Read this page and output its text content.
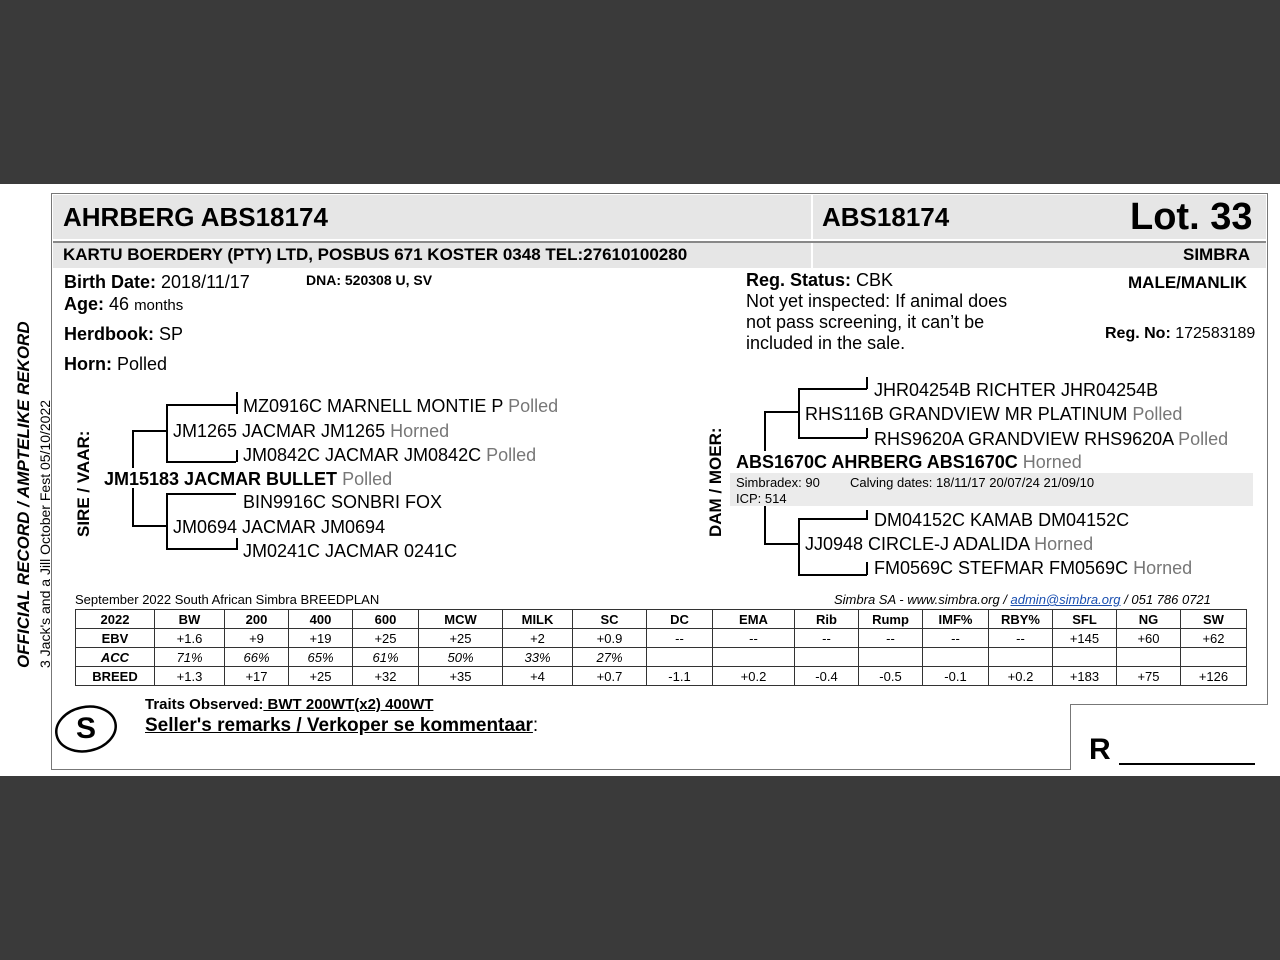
AHRBERG ABS18174	ABS18174	Lot. 33
KARTU BOERDERY (PTY) LTD, POSBUS 671 KOSTER 0348 TEL:27610100280	SIMBRA
OFFICIAL RECORD / AMPTELIKE REKORD 3 Jack's and a Jill October Fest 05/10/2022
Birth Date: 2018/11/17	DNA: 520308 U, SV
Age: 46 months
Herdbook: SP
Horn: Polled
Reg. Status: CBK
Not yet inspected: If animal does
not pass screening, it can’t be
included in the sale.
MALE/MANLIK
Reg. No: 172583189
SIRE / VAAR:
MZ0916C MARNELL MONTIE P Polled
JM1265 JACMAR JM1265 Horned
JM0842C JACMAR JM0842C Polled
JM15183 JACMAR BULLET Polled
BIN9916C SONBRI FOX
JM0694 JACMAR JM0694
JM0241C JACMAR 0241C
DAM / MOER:
JHR04254B RICHTER JHR04254B
RHS116B GRANDVIEW MR PLATINUM Polled
RHS9620A GRANDVIEW RHS9620A Polled
ABS1670C AHRBERG ABS1670C Horned
Simbradex: 90 Calving dates: 18/11/17 20/07/24 21/09/10
ICP: 514
DM04152C KAMAB DM04152C
JJ0948 CIRCLE-J ADALIDA Horned
FM0569C STEFMAR FM0569C Horned
September 2022 South African Simbra BREEDPLAN	Simbra SA - www.simbra.org / admin@simbra.org / 051 786 0721
2022	BW	200	400	600	MCW	MILK	SC	DC	EMA	Rib	Rump	IMF%	RBY%	SFL	NG	SW
EBV	+1.6	+9	+19	+25	+25	+2	+0.9	--	--	--	--	--	--	+145	+60	+62
ACC	71%	66%	65%	61%	50%	33%	27%									
BREED	+1.3	+17	+25	+32	+35	+4	+0.7	-1.1	+0.2	-0.4	-0.5	-0.1	+0.2	+183	+75	+126
S
Traits Observed: BWT 200WT(x2) 400WT
Seller's remarks / Verkoper se kommentaar:
R
